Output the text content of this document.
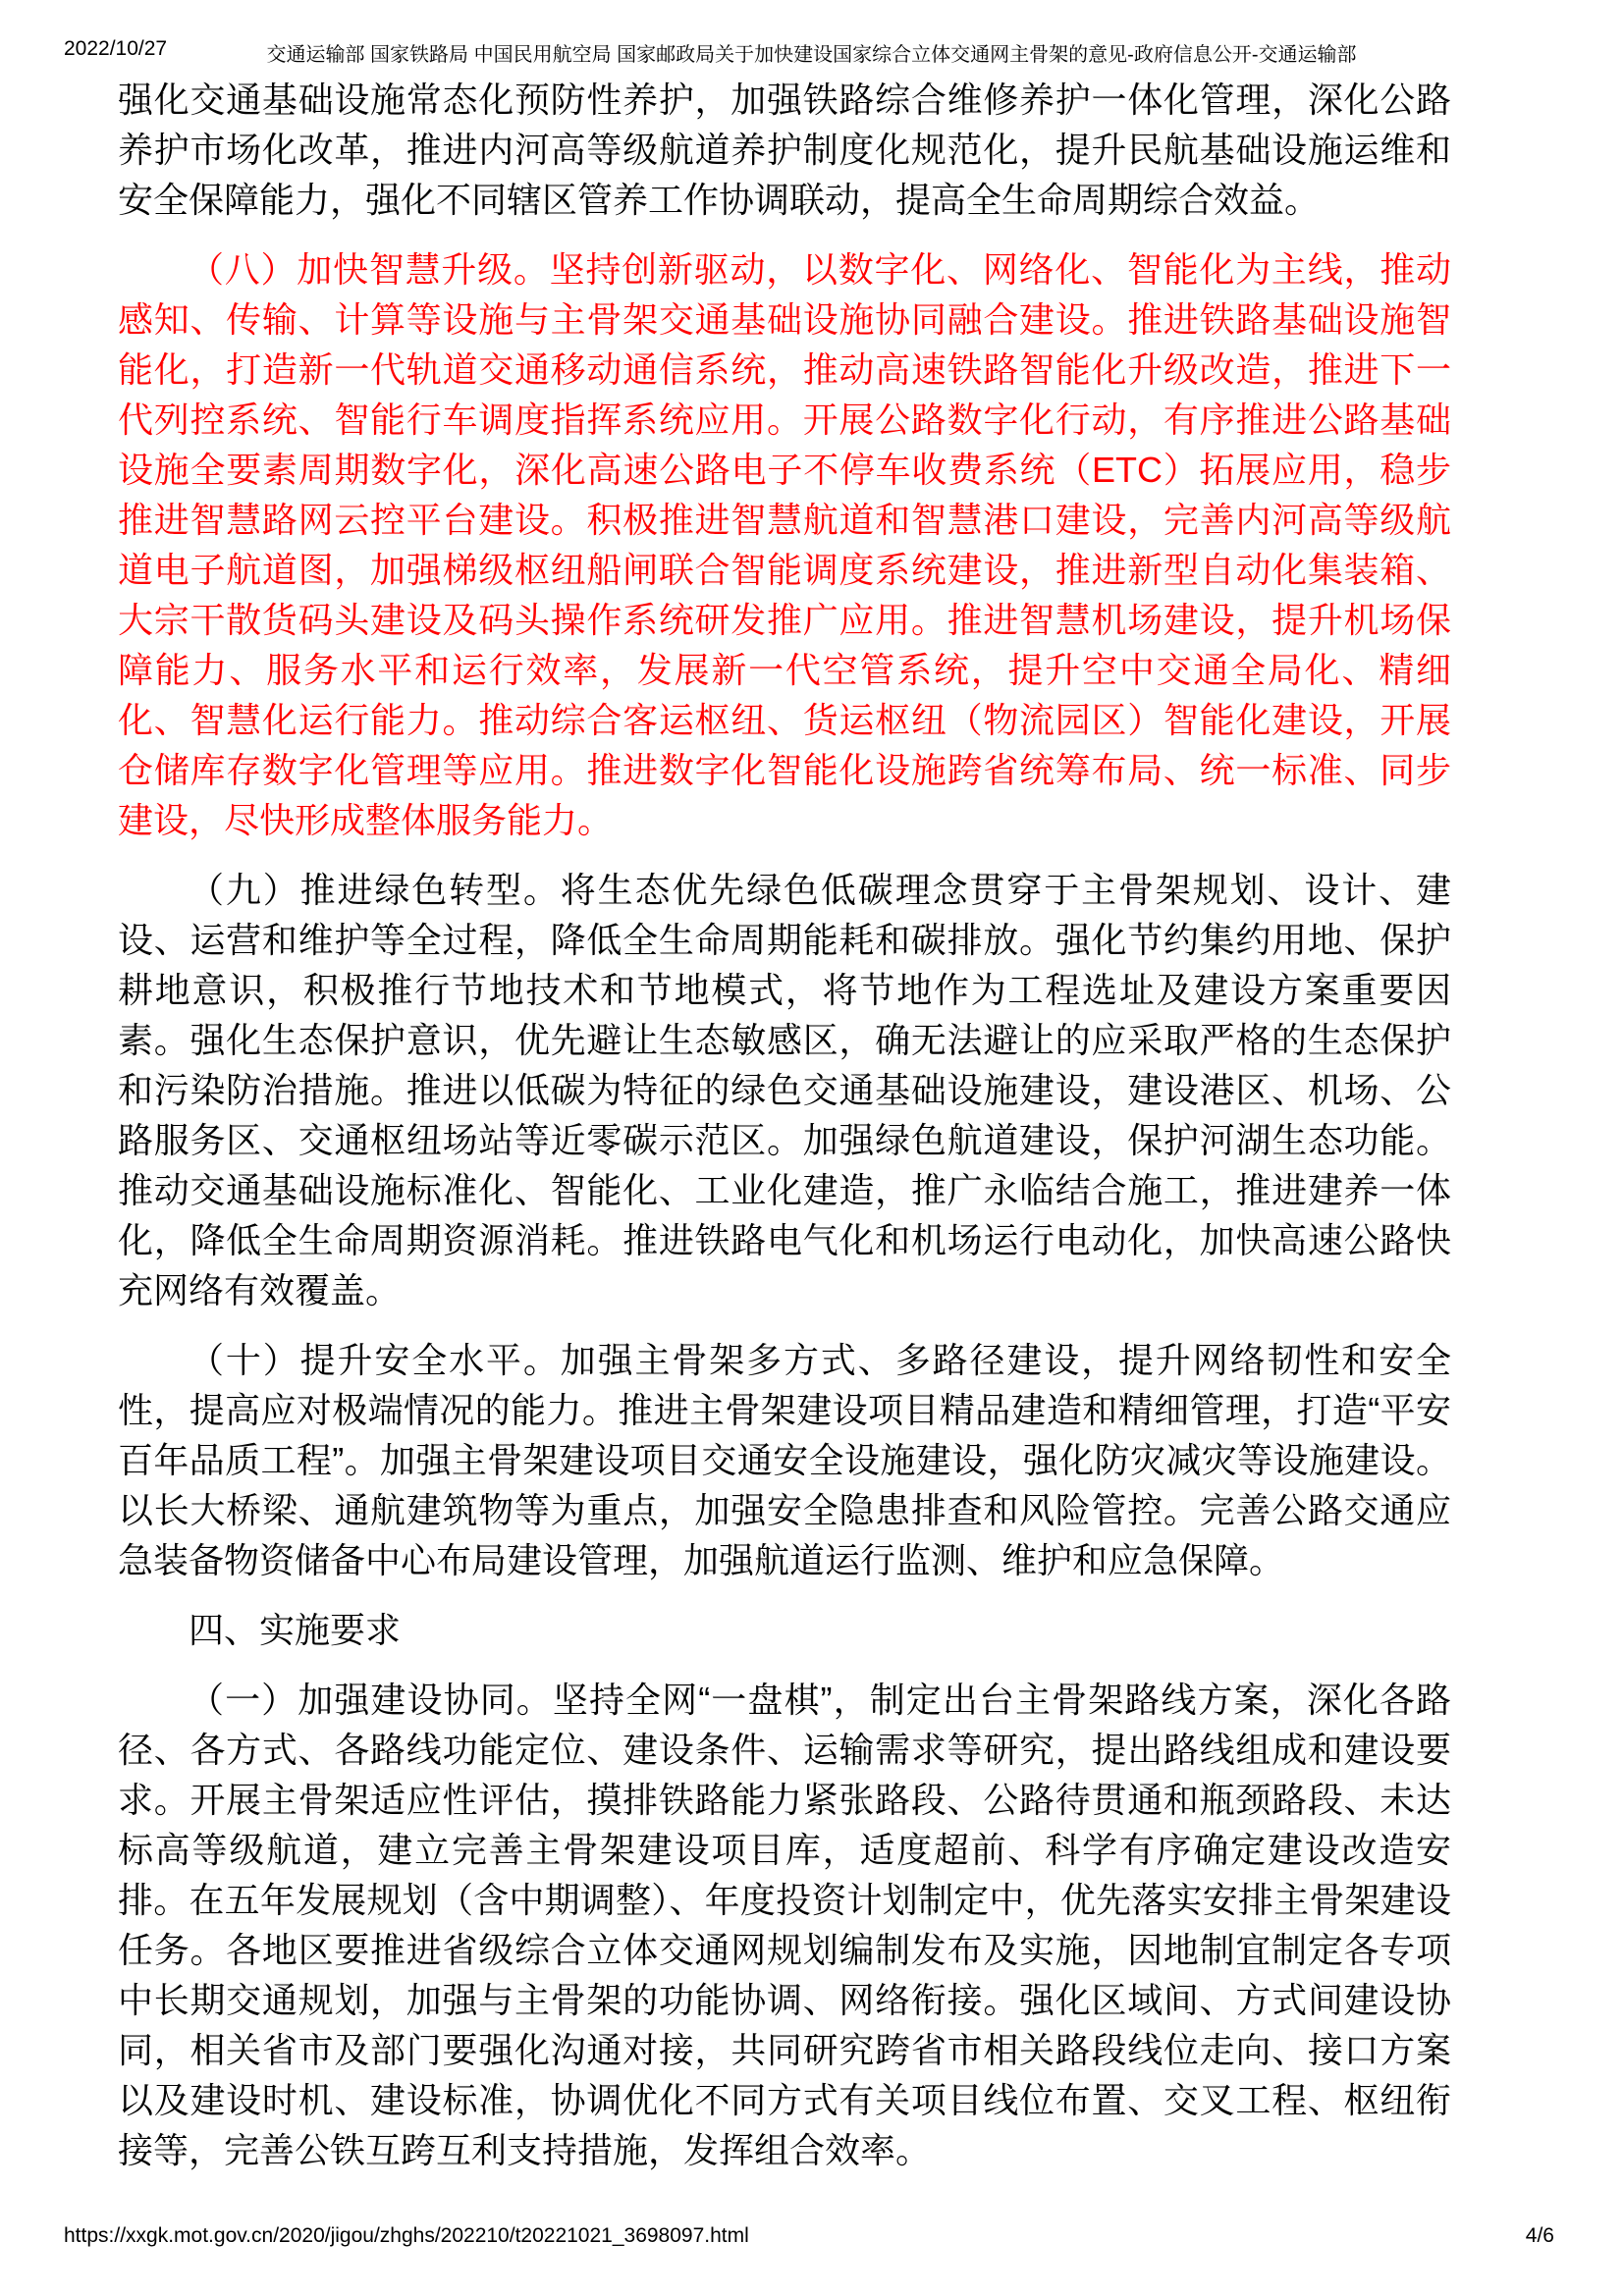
2022/10/27	交通运输部 国家铁路局 中国民用航空局 国家邮政局关于加快建设国家综合立体交通网主骨架的意见-政府信息公开-交通运输部

强化交通基础设施常态化预防性养护，加强铁路综合维修养护一体化管理，深化公路养护市场化改革，推进内河高等级航道养护制度化规范化，提升民航基础设施运维和安全保障能力，强化不同辖区管养工作协调联动，提高全生命周期综合效益。

（八）加快智慧升级。坚持创新驱动，以数字化、网络化、智能化为主线，推动感知、传输、计算等设施与主骨架交通基础设施协同融合建设。推进铁路基础设施智能化，打造新一代轨道交通移动通信系统，推动高速铁路智能化升级改造，推进下一代列控系统、智能行车调度指挥系统应用。开展公路数字化行动，有序推进公路基础设施全要素周期数字化，深化高速公路电子不停车收费系统（ETC）拓展应用，稳步推进智慧路网云控平台建设。积极推进智慧航道和智慧港口建设，完善内河高等级航道电子航道图，加强梯级枢纽船闸联合智能调度系统建设，推进新型自动化集装箱、大宗干散货码头建设及码头操作系统研发推广应用。推进智慧机场建设，提升机场保障能力、服务水平和运行效率，发展新一代空管系统，提升空中交通全局化、精细化、智慧化运行能力。推动综合客运枢纽、货运枢纽（物流园区）智能化建设，开展仓储库存数字化管理等应用。推进数字化智能化设施跨省统筹布局、统一标准、同步建设，尽快形成整体服务能力。

（九）推进绿色转型。将生态优先绿色低碳理念贯穿于主骨架规划、设计、建设、运营和维护等全过程，降低全生命周期能耗和碳排放。强化节约集约用地、保护耕地意识，积极推行节地技术和节地模式，将节地作为工程选址及建设方案重要因素。强化生态保护意识，优先避让生态敏感区，确无法避让的应采取严格的生态保护和污染防治措施。推进以低碳为特征的绿色交通基础设施建设，建设港区、机场、公路服务区、交通枢纽场站等近零碳示范区。加强绿色航道建设，保护河湖生态功能。推动交通基础设施标准化、智能化、工业化建造，推广永临结合施工，推进建养一体化，降低全生命周期资源消耗。推进铁路电气化和机场运行电动化，加快高速公路快充网络有效覆盖。

（十）提升安全水平。加强主骨架多方式、多路径建设，提升网络韧性和安全性，提高应对极端情况的能力。推进主骨架建设项目精品建造和精细管理，打造“平安百年品质工程”。加强主骨架建设项目交通安全设施建设，强化防灾减灾等设施建设。以长大桥梁、通航建筑物等为重点，加强安全隐患排查和风险管控。完善公路交通应急装备物资储备中心布局建设管理，加强航道运行监测、维护和应急保障。

四、实施要求

（一）加强建设协同。坚持全网“一盘棋”，制定出台主骨架路线方案，深化各路径、各方式、各路线功能定位、建设条件、运输需求等研究，提出路线组成和建设要求。开展主骨架适应性评估，摸排铁路能力紧张路段、公路待贯通和瓶颈路段、未达标高等级航道，建立完善主骨架建设项目库，适度超前、科学有序确定建设改造安排。在五年发展规划（含中期调整）、年度投资计划制定中，优先落实安排主骨架建设任务。各地区要推进省级综合立体交通网规划编制发布及实施，因地制宜制定各专项中长期交通规划，加强与主骨架的功能协调、网络衔接。强化区域间、方式间建设协同，相关省市及部门要强化沟通对接，共同研究跨省市相关路段线位走向、接口方案以及建设时机、建设标准，协调优化不同方式有关项目线位布置、交叉工程、枢纽衔接等，完善公铁互跨互利支持措施，发挥组合效率。

https://xxgk.mot.gov.cn/2020/jigou/zhghs/202210/t20221021_3698097.html	4/6
